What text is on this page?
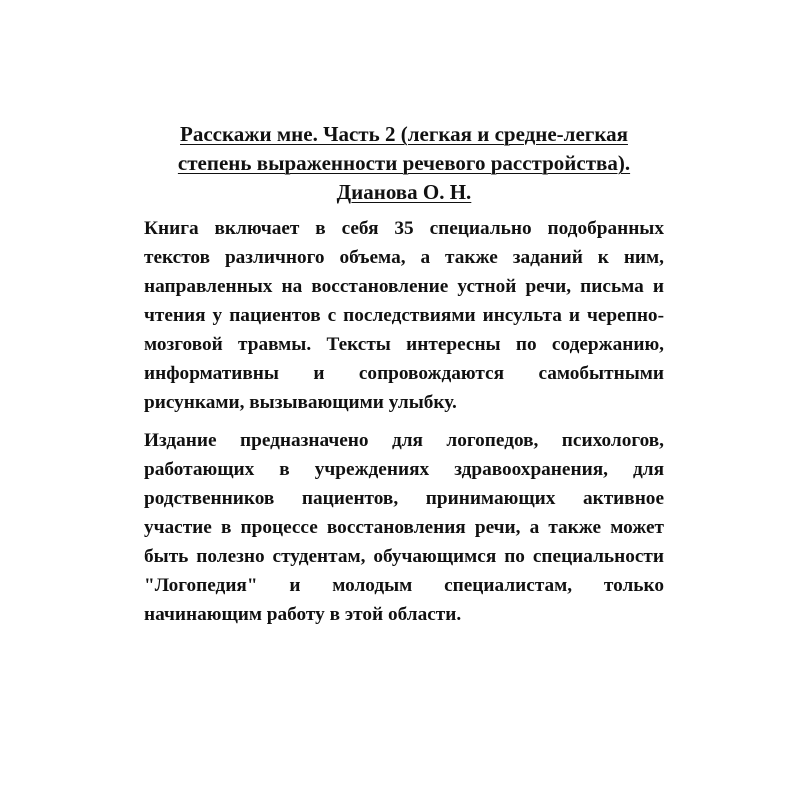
Расскажи мне. Часть 2 (легкая и средне-легкая степень выраженности речевого расстройства). Дианова О. Н.
Книга включает в себя 35 специально подобранных текстов различного объема, а также заданий к ним, направленных на восстановление устной речи, письма и чтения у пациентов с последствиями инсульта и черепно-мозговой травмы. Тексты интересны по содержанию, информативны и сопровождаются самобытными рисунками, вызывающими улыбку.
Издание предназначено для логопедов, психологов, работающих в учреждениях здравоохранения, для родственников пациентов, принимающих активное участие в процессе восстановления речи, а также может быть полезно студентам, обучающимся по специальности "Логопедия" и молодым специалистам, только начинающим работу в этой области.
